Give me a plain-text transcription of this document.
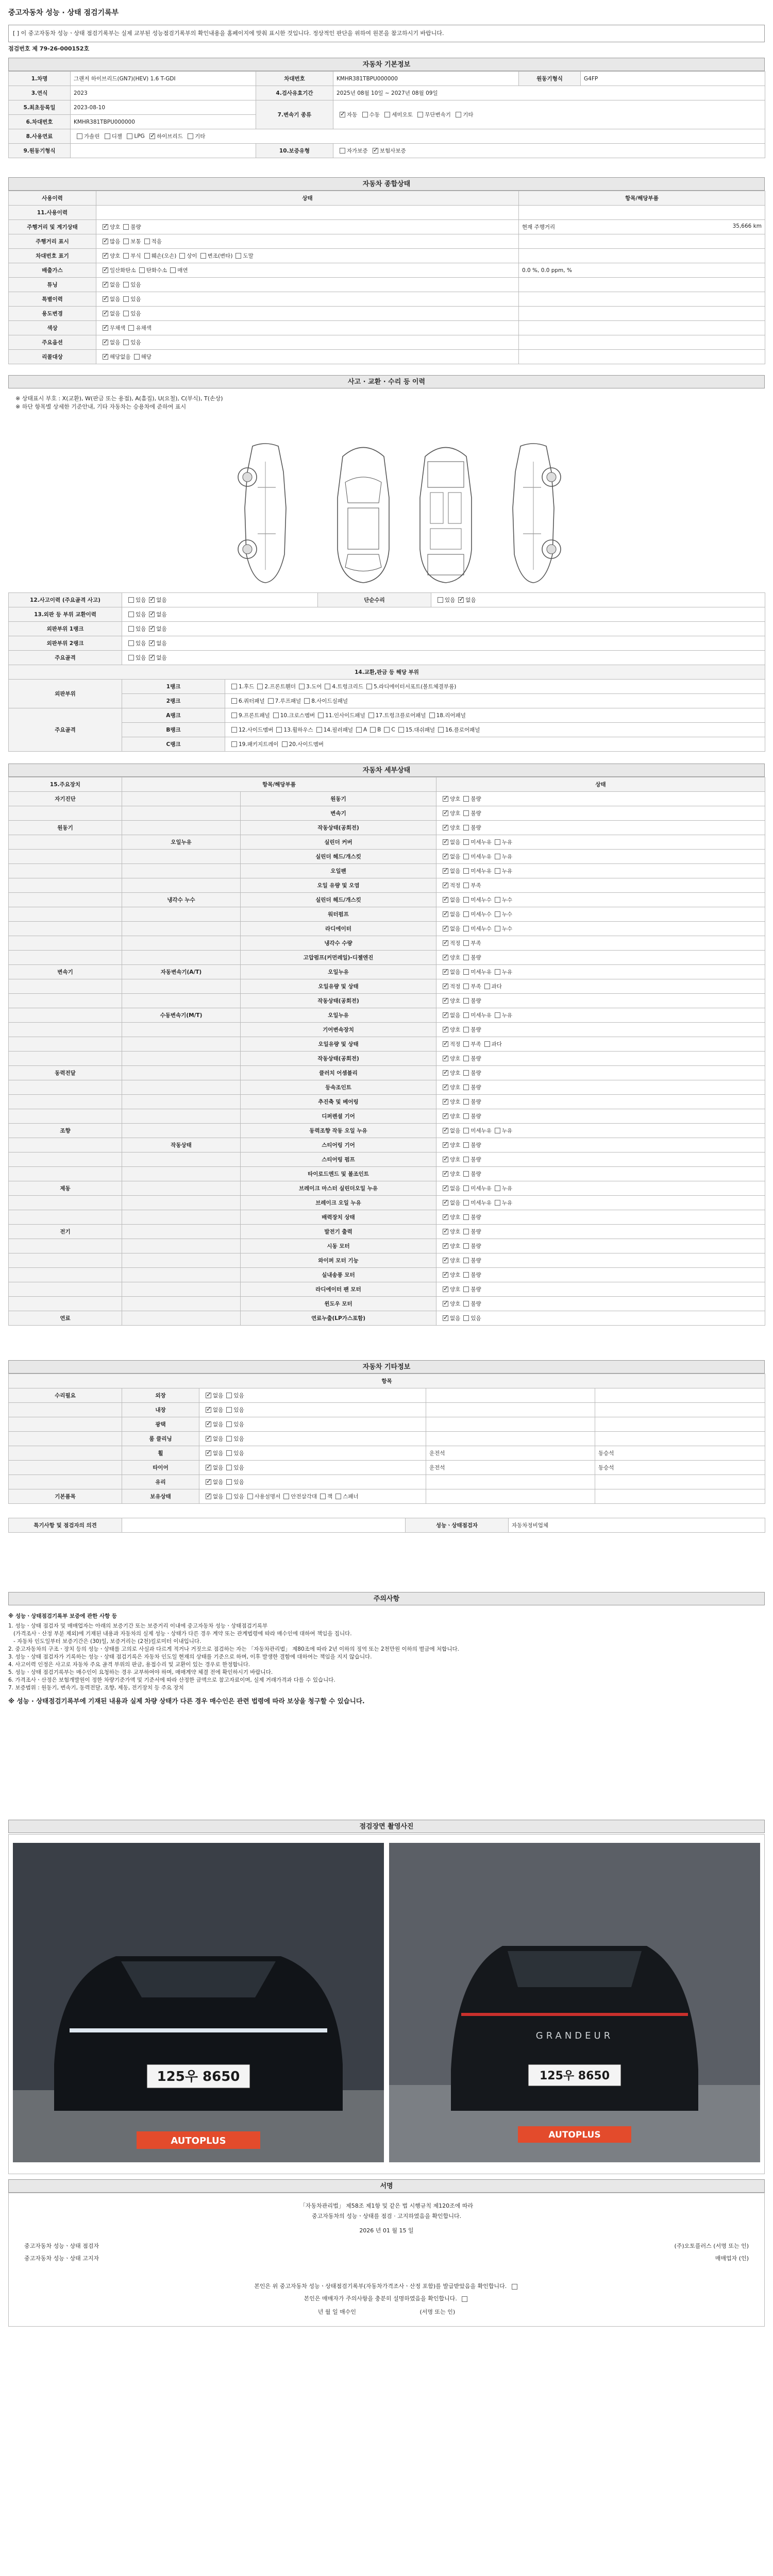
중고자동차 성능 · 상태 점검기록부
[ ] 이 중고자동차 성능ㆍ상태 점검기록부는 실제 교부된 성능점검기록부의 확인내용을 홈페이지에 맞춰 표시한 것입니다. 정상적인 판단을 위하여 원본을 참고하시기 바랍니다.
점검번호 제 79-26-000152호
자동차 기본정보
1.차명	그랜저 하이브리드(GN7)(HEV) 1.6 T-GDI	차대번호	KMHR381TBPU000000	원동기형식	G4FP
3.연식	2023	4.검사유효기간	2025년 08월 10일 ~ 2027년 08월 09일		
5.최초등록일	2023-08-10	7.변속기 종류	✓자동 수동 세미오토 무단변속기 기타
6.차대번호	KMHR381TBPU000000				
8.사용연료	가솔린 디젤 LPG ✓ 하이브리드 기타
9.원동기형식		10.보증유형	자가보증 ✓ 보험사보증
자동차 종합상태
사용이력	상태	항목/해당부품
11.사용이력		
주행거리 및 계기상태	✓양호 불량	현재 주행거리 35,666 km

주행거리 표시	✓많음 보통 적음	
차대번호 표기	✓양호 부식 훼손(오손) 상이 변조(변타) 도말	
배출가스	✓일산화탄소 탄화수소 매연	0.0 %, 0.0 ppm, %
튜닝	✓없음 있음	
특별이력	✓없음 있음	
용도변경	✓없음 있음	
색상	✓무채색 유채색	
주요옵션	✓없음 있음	
리콜대상	✓해당없음 해당	
사고 · 교환 · 수리 등 이력
※ 상태표시 부호 : X(교환), W(판금 또는 용접), A(흠집), U(요철), C(부식), T(손상)
※ 하단 항목별 상세한 기준안내, 기타 자동차는 승용차에 준하여 표시
12.사고이력 (주요골격 사고)	있음 ✓ 없음	단순수리	있음 ✓ 없음
13.외판 등 부위 교환이력	있음 ✓ 없음
외판부위 1랭크	있음 ✓ 없음
외판부위 2랭크	있음 ✓ 없음
주요골격	있음 ✓ 없음
14.교환,판금 등 해당 부위		
외판부위	1랭크	1.후드 2.프론트휀더 3.도어 4.트렁크리드 5.라디에이터서포트(볼트체결부품)
	2랭크	6.쿼터패널 7.루프패널 8.사이드실패널
주요골격	A랭크	9.프론트패널 10.크로스멤버 11.인사이드패널 17.트렁크플로어패널 18.리어패널
	B랭크	12.사이드멤버 13.휠하우스 14.필러패널 A B C 15.대쉬패널 16.플로어패널
	C랭크	19.패키지트레이 20.사이드멤버
자동차 세부상태
15.주요장치	항목/해당부품		상태
자기진단		원동기	✓양호 불량
		변속기	✓양호 불량
원동기		작동상태(공회전)	✓양호 불량
	오일누유	실린더 커버	✓없음 미세누유 누유
		실린더 헤드/개스킷	✓없음 미세누유 누유
		오일팬	✓없음 미세누유 누유
		오일 유량 및 오염	✓적정 부족
	냉각수 누수	실린더 헤드/개스킷	✓없음 미세누수 누수
		워터펌프	✓없음 미세누수 누수
		라디에이터	✓없음 미세누수 누수
		냉각수 수량	✓적정 부족
		고압펌프(커먼레일)-디젤엔진	✓양호 불량
변속기	자동변속기(A/T)	오일누유	✓없음 미세누유 누유
		오일유량 및 상태	✓적정 부족 과다
		작동상태(공회전)	✓양호 불량
	수동변속기(M/T)	오일누유	✓없음 미세누유 누유
		기어변속장치	✓양호 불량
		오일유량 및 상태	✓적정 부족 과다
		작동상태(공회전)	✓양호 불량
동력전달		클러치 어셈블리	✓양호 불량
		등속조인트	✓양호 불량
		추진축 및 베어링	✓양호 불량
		디퍼렌셜 기어	✓양호 불량
조향		동력조향 작동 오일 누유	✓없음 미세누유 누유
	작동상태	스티어링 기어	✓양호 불량
		스티어링 펌프	✓양호 불량
		타이로드엔드 및 볼조인트	✓양호 불량
제동		브레이크 마스터 실린더오일 누유	✓없음 미세누유 누유
		브레이크 오일 누유	✓없음 미세누유 누유
		배력장치 상태	✓양호 불량
전기		발전기 출력	✓양호 불량
		시동 모터	✓양호 불량
		와이퍼 모터 기능	✓양호 불량
		실내송풍 모터	✓양호 불량
		라디에이터 팬 모터	✓양호 불량
		윈도우 모터	✓양호 불량
연료		연료누출(LP가스포함)	✓없음 있음
자동차 기타정보
항목				
수리필요	외장	✓없음 있음		
	내장	✓없음 있음		
	광택	✓없음 있음		
	룸 클리닝	✓없음 있음		
	휠	✓없음 있음	운전석	동승석
	타이어	✓없음 있음	운전석	동승석
	유리	✓없음 있음		
기본품목	보유상태	✓없음 있음 사용설명서 안전삼각대 잭 스패너		
특기사항 및 점검자의 의견		성능ㆍ상태점검자	자동차정비업체
주의사항
※ 성능ㆍ상태점검기록부 보증에 관한 사항 등
1. 성능ㆍ상태 점검자 및 매매업자는 아래의 보증기간 또는 보증거리 이내에 중고자동차 성능ㆍ상태점검기록부
(가격조사ㆍ산정 부분 제외)에 기재된 내용과 자동차의 실제 성능ㆍ상태가 다른 경우 계약 또는 관계법령에 따라 매수인에 대하여 책임을 집니다.
- 자동차 인도일부터 보증기간은 (30)일, 보증거리는 (2천)킬로미터 이내입니다.
2. 중고자동차의 구조ㆍ장치 등의 성능ㆍ상태를 고의로 사실과 다르게 적거나 거짓으로 점검하는 자는 「자동차관리법」 제80조에 따라 2년 이하의 징역 또는 2천만원 이하의 벌금에 처합니다.
3. 성능ㆍ상태 점검자가 기록하는 성능ㆍ상태 점검기록은 자동차 인도일 현재의 상태를 기준으로 하며, 이후 발생한 결함에 대하여는 책임을 지지 않습니다.
4. 사고이력 인정은 사고로 자동차 주요 골격 부위의 판금, 용접수리 및 교환이 있는 경우로 한정합니다.
5. 성능ㆍ상태 점검기록부는 매수인이 요청하는 경우 교부하여야 하며, 매매계약 체결 전에 확인하시기 바랍니다.
6. 가격조사ㆍ산정은 보험개발원이 정한 차량기준가액 및 기준서에 따라 산정한 금액으로 참고자료이며, 실제 거래가격과 다를 수 있습니다.
7. 보증범위 : 원동기, 변속기, 동력전달, 조향, 제동, 전기장치 등 주요 장치
※ 성능 · 상태점검기록부에 기재된 내용과 실제 차량 상태가 다른 경우 매수인은 관련 법령에 따라 보상을 청구할 수 있습니다.
점검장면 촬영사진
125우 8650
AUTOPLUS
GRANDEUR
125우 8650
AUTOPLUS
서명
「자동차관리법」 제58조 제1항 및 같은 법 시행규칙 제120조에 따라
중고자동차의 성능ㆍ상태를 점검 · 고지하였음을 확인합니다.
2026 년 01 월 15 일
중고자동차 성능ㆍ상태 점검자	(주)오토플러스 (서명 또는 인)
중고자동차 성능ㆍ상태 고지자	매매업자 (인)
본인은 위 중고자동차 성능ㆍ상태점검기록부(자동차가격조사ㆍ산정 포함)를 발급받았음을 확인합니다.
본인은 매매자가 주의사항을 충분히 설명하였음을 확인합니다.
년 월 일 매수인	(서명 또는 인)
